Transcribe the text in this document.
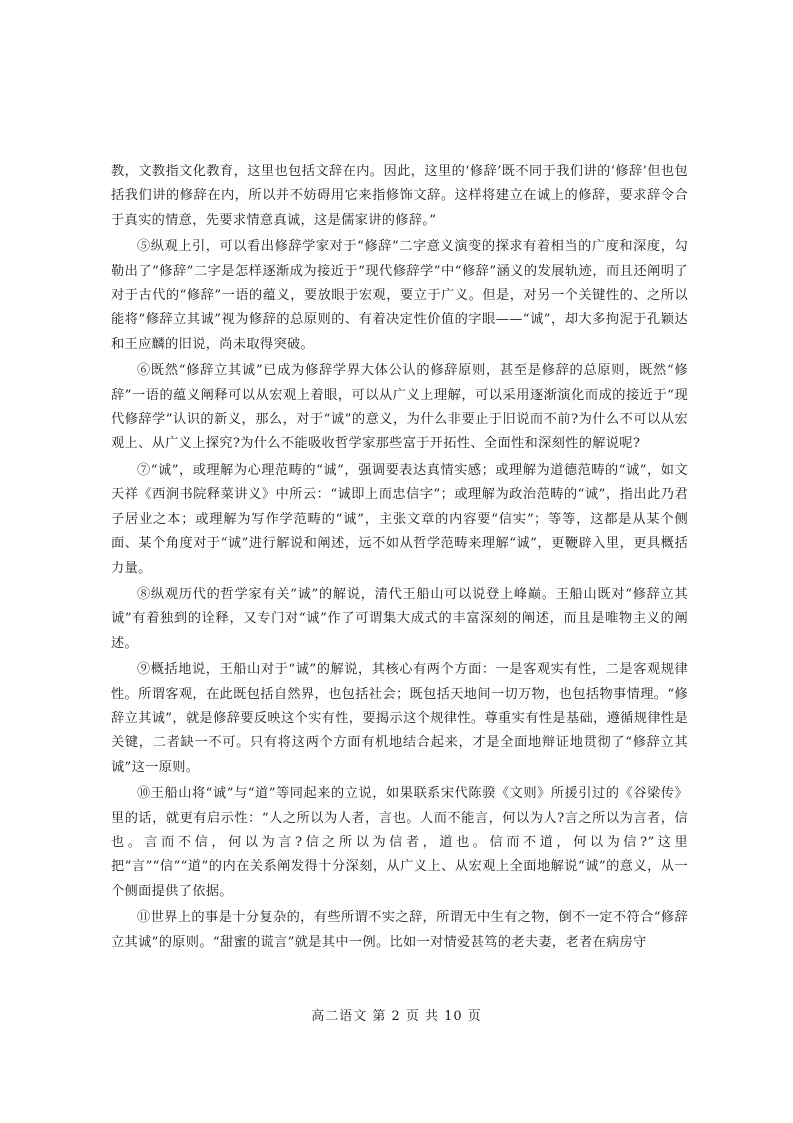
教，文教指文化教育，这里也包括文辞在内。因此，这里的‘修辞’既不同于我们讲的‘修辞’但也包括我们讲的修辞在内，所以并不妨碍用它来指修饰文辞。这样将建立在诚上的修辞，要求辞令合于真实的情意，先要求情意真诚，这是儒家讲的修辞。”

⑤纵观上引，可以看出修辞学家对于“修辞”二字意义演变的探求有着相当的广度和深度，勾勒出了“修辞”二字是怎样逐渐成为接近于“现代修辞学”中“修辞”涵义的发展轨迹，而且还阐明了对于古代的“修辞”一语的蕴义，要放眼于宏观，要立于广义。但是，对另一个关键性的、之所以能将“修辞立其诚”视为修辞的总原则的、有着决定性价值的字眼——“诚”，却大多拘泥于孔颖达和王应麟的旧说，尚未取得突破。

⑥既然“修辞立其诚”已成为修辞学界大体公认的修辞原则，甚至是修辞的总原则，既然“修辞”一语的蕴义阐释可以从宏观上着眼，可以从广义上理解，可以采用逐渐演化而成的接近于“现代修辞学”认识的新义，那么，对于“诚”的意义，为什么非要止于旧说而不前?为什么不可以从宏观上、从广义上探究?为什么不能吸收哲学家那些富于开拓性、全面性和深刻性的解说呢?

⑦“诚”，或理解为心理范畴的“诚”，强调要表达真情实感；或理解为道德范畴的“诚”，如文天祥《西涧书院释菜讲义》中所云：“诚即上而忠信字”；或理解为政治范畴的“诚”，指出此乃君子居业之本；或理解为写作学范畴的“诚”，主张文章的内容要“信实”；等等，这都是从某个侧面、某个角度对于“诚”进行解说和阐述，远不如从哲学范畴来理解“诚”，更鞭辟入里，更具概括力量。

⑧纵观历代的哲学家有关“诚”的解说，清代王船山可以说登上峰巅。王船山既对“修辞立其诚”有着独到的诠释，又专门对“诚”作了可谓集大成式的丰富深刻的阐述，而且是唯物主义的阐述。

⑨概括地说，王船山对于“诚”的解说，其核心有两个方面：一是客观实有性，二是客观规律性。所谓客观，在此既包括自然界，也包括社会；既包括天地间一切万物，也包括物事情理。“修辞立其诚”，就是修辞要反映这个实有性，要揭示这个规律性。尊重实有性是基础，遵循规律性是关键，二者缺一不可。只有将这两个方面有机地结合起来，才是全面地辩证地贯彻了“修辞立其诚”这一原则。

⑩王船山将“诚”与“道”等同起来的立说，如果联系宋代陈骙《文则》所援引过的《谷梁传》里的话，就更有启示性：“人之所以为人者，言也。人而不能言，何以为人?言之所以为言者，信也。言而不信，何以为言?信之所以为信者，道也。信而不道，何以为信?”这里把“言”“信”“道”的内在关系阐发得十分深刻，从广义上、从宏观上全面地解说“诚”的意义，从一个侧面提供了依据。

⑪世界上的事是十分复杂的，有些所谓不实之辞，所谓无中生有之物，倒不一定不符合“修辞立其诚”的原则。“甜蜜的谎言”就是其中一例。比如一对情爱甚笃的老夫妻，老者在病房守

高二语文 第 2 页 共 10 页
